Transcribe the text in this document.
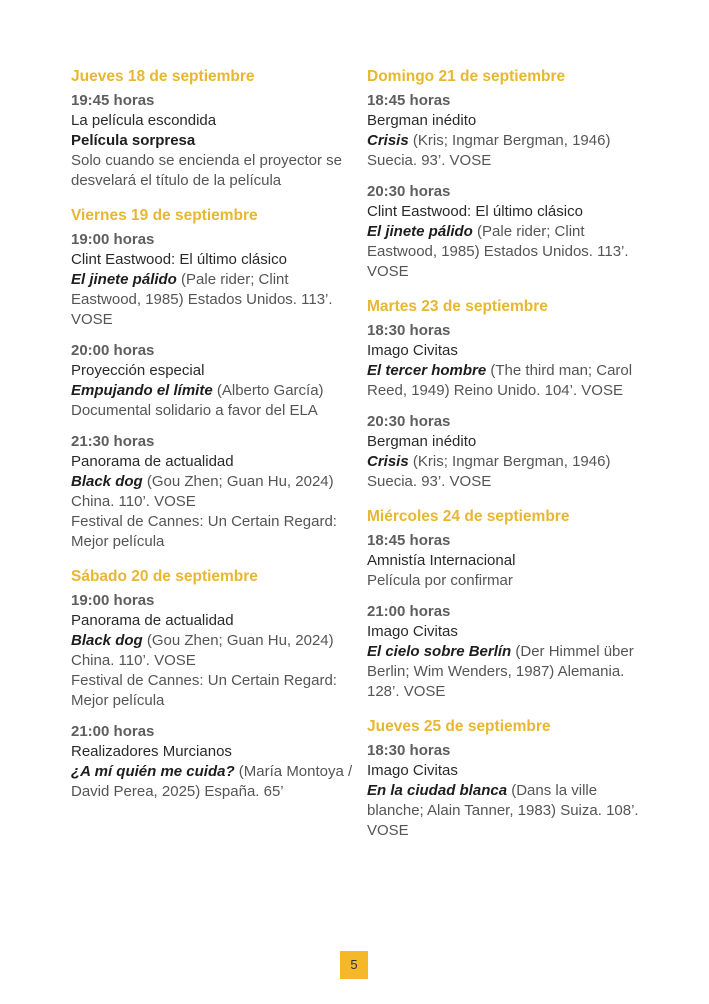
Jueves 18 de septiembre
19:45 horas
La película escondida
Película sorpresa
Solo cuando se encienda el proyector se desvelará el título de la película
Viernes 19 de septiembre
19:00 horas
Clint Eastwood: El último clásico
El jinete pálido (Pale rider; Clint Eastwood, 1985) Estados Unidos. 113’. VOSE
20:00 horas
Proyección especial
Empujando el límite (Alberto García)
Documental solidario a favor del ELA
21:30 horas
Panorama de actualidad
Black dog (Gou Zhen; Guan Hu, 2024) China. 110’. VOSE
Festival de Cannes: Un Certain Regard: Mejor película
Sábado 20 de septiembre
19:00 horas
Panorama de actualidad
Black dog (Gou Zhen; Guan Hu, 2024) China. 110’. VOSE
Festival de Cannes: Un Certain Regard: Mejor película
21:00 horas
Realizadores Murcianos
¿A mí quién me cuida? (María Montoya / David Perea, 2025) España. 65’
Domingo 21 de septiembre
18:45 horas
Bergman inédito
Crisis (Kris; Ingmar Bergman, 1946) Suecia. 93’. VOSE
20:30 horas
Clint Eastwood: El último clásico
El jinete pálido (Pale rider; Clint Eastwood, 1985) Estados Unidos. 113’. VOSE
Martes 23 de septiembre
18:30 horas
Imago Civitas
El tercer hombre (The third man; Carol Reed, 1949) Reino Unido. 104’. VOSE
20:30 horas
Bergman inédito
Crisis (Kris; Ingmar Bergman, 1946) Suecia. 93’. VOSE
Miércoles 24 de septiembre
18:45 horas
Amnistía Internacional
Película por confirmar
21:00 horas
Imago Civitas
El cielo sobre Berlín (Der Himmel über Berlin; Wim Wenders, 1987) Alemania. 128’. VOSE
Jueves 25 de septiembre
18:30 horas
Imago Civitas
En la ciudad blanca (Dans la ville blanche; Alain Tanner, 1983) Suiza. 108’. VOSE
5
